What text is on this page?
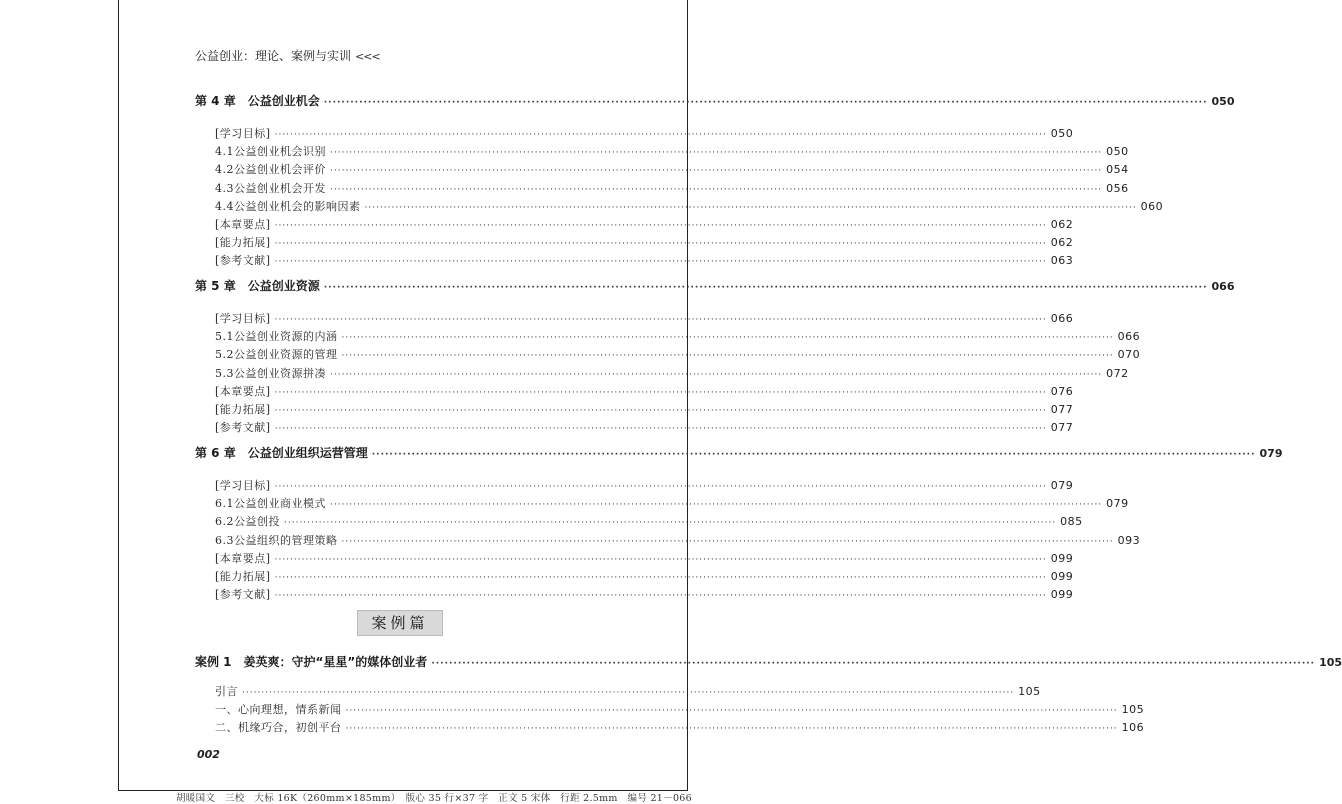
公益创业：理论、案例与实训 <<<
第 4 章 公益创业机会 ········································································································································································································ 050
[学习目标] ········································································································································································································ 050
4.1 公益创业机会识别 ········································································································································································································ 050
4.2 公益创业机会评价 ········································································································································································································ 054
4.3 公益创业机会开发 ········································································································································································································ 056
4.4 公益创业机会的影响因素 ········································································································································································································ 060
[本章要点] ········································································································································································································ 062
[能力拓展] ········································································································································································································ 062
[参考文献] ········································································································································································································ 063
第 5 章 公益创业资源 ········································································································································································································ 066
[学习目标] ········································································································································································································ 066
5.1 公益创业资源的内涵 ········································································································································································································ 066
5.2 公益创业资源的管理 ········································································································································································································ 070
5.3 公益创业资源拼凑 ········································································································································································································ 072
[本章要点] ········································································································································································································ 076
[能力拓展] ········································································································································································································ 077
[参考文献] ········································································································································································································ 077
第 6 章 公益创业组织运营管理 ········································································································································································································ 079
[学习目标] ········································································································································································································ 079
6.1 公益创业商业模式 ········································································································································································································ 079
6.2 公益创投 ········································································································································································································ 085
6.3 公益组织的管理策略 ········································································································································································································ 093
[本章要点] ········································································································································································································ 099
[能力拓展] ········································································································································································································ 099
[参考文献] ········································································································································································································ 099
案例 1 姜英爽：守护“星星”的媒体创业者 ········································································································································································································ 105
引言 ········································································································································································································ 105
一、心向理想，情系新闻 ········································································································································································································ 105
二、机缘巧合，初创平台 ········································································································································································································ 106
案例篇
002
胡暖国文　三校　大标 16K（260mm×185mm）　版心 35 行×37 字　正文 5 宋体　行距 2.5mm　编号 21－066
